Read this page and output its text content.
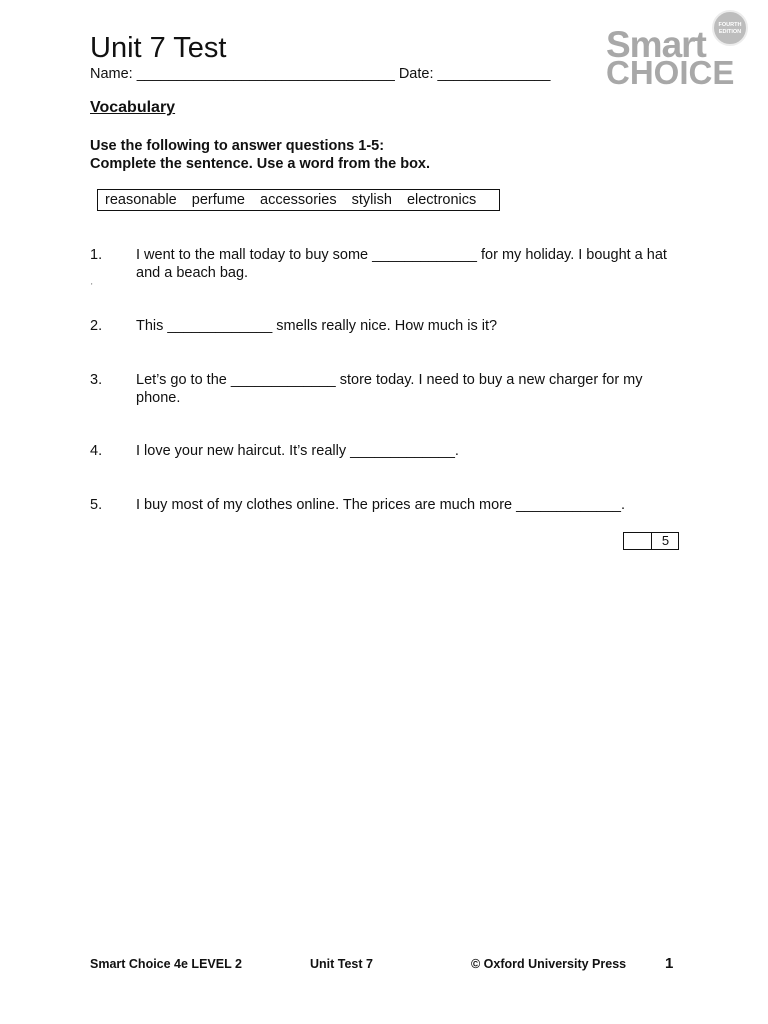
Unit 7 Test
Name: ________________________________ Date: ______________
Smart
CHOICE
FOURTH
EDITION
Vocabulary
Use the following to answer questions 1-5:
Complete the sentence. Use a word from the box.
reasonable perfume accessories stylish electronics
1. I went to the mall today to buy some _____________ for my holiday. I bought a hat and a beach bag.
'
2. This _____________ smells really nice. How much is it?
3. Let’s go to the _____________ store today. I need to buy a new charger for my phone.
4. I love your new haircut. It’s really _____________.
5. I buy most of my clothes online. The prices are much more _____________.
5
Smart Choice 4e LEVEL 2	Unit Test 7	© Oxford University Press	1
